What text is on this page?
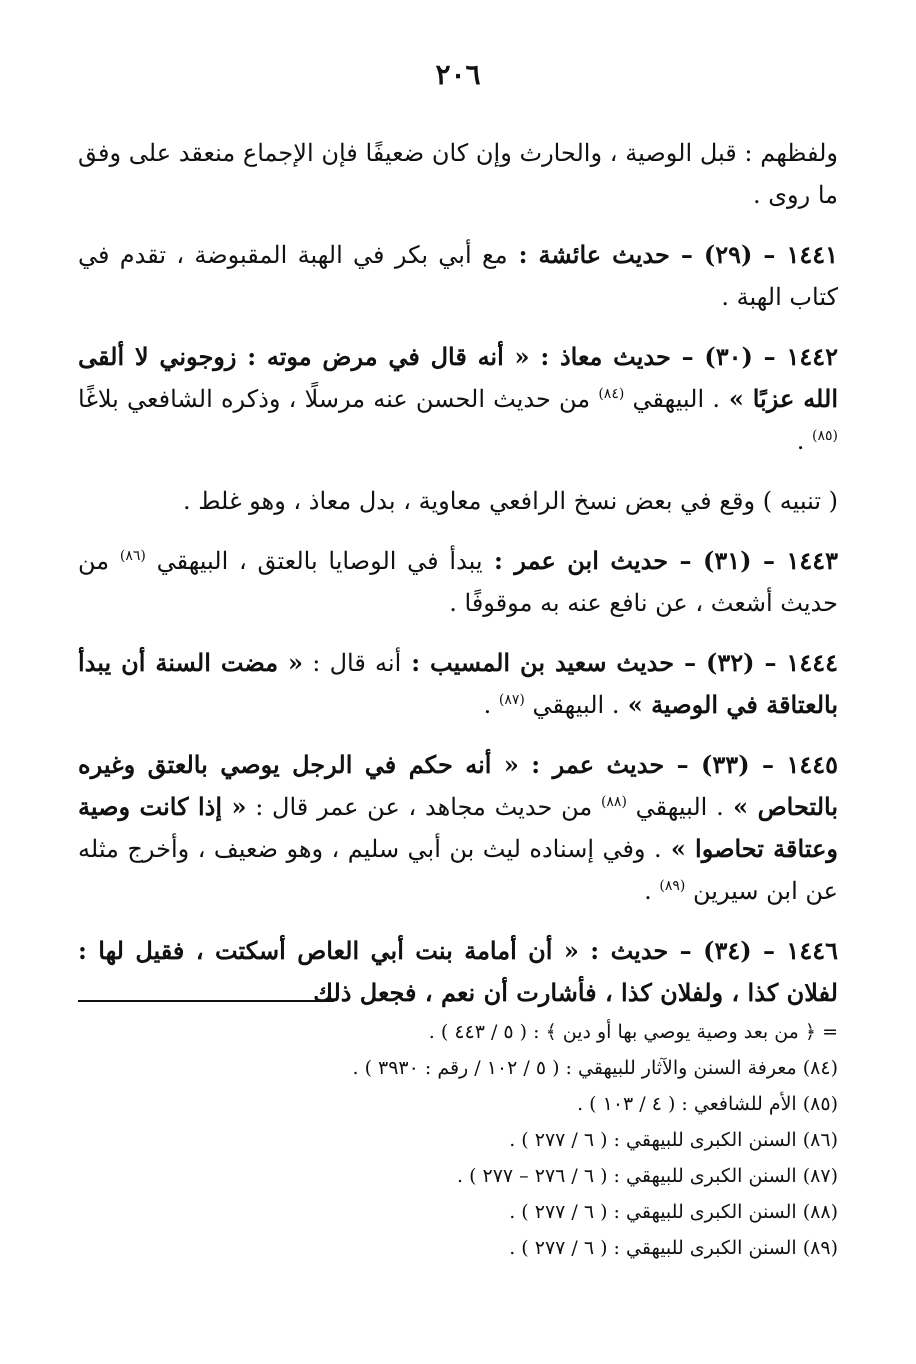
٢٠٦

ولفظهم : قبل الوصية ، والحارث وإن كان ضعيفًا فإن الإجماع منعقد على وفق ما روى .

١٤٤١ – (٢٩) – حديث عائشة : مع أبي بكر في الهبة المقبوضة ، تقدم في كتاب الهبة .

١٤٤٢ – (٣٠) – حديث معاذ : « أنه قال في مرض موته : زوجوني لا ألقى الله عزبًا » . البيهقي $^{(٨٤)}$ من حديث الحسن عنه مرسلًا ، وذكره الشافعي بلاغًا $^{(٨٥)}$ .

( تنبيه ) وقع في بعض نسخ الرافعي معاوية ، بدل معاذ ، وهو غلط .

١٤٤٣ – (٣١) – حديث ابن عمر : يبدأ في الوصايا بالعتق ، البيهقي $^{(٨٦)}$ من حديث أشعث ، عن نافع عنه به موقوفًا .

١٤٤٤ – (٣٢) – حديث سعيد بن المسيب : أنه قال : « مضت السنة أن يبدأ بالعتاقة في الوصية » . البيهقي $^{(٨٧)}$ .

١٤٤٥ – (٣٣) – حديث عمر : « أنه حكم في الرجل يوصي بالعتق وغيره بالتحاص » . البيهقي $^{(٨٨)}$ من حديث مجاهد ، عن عمر قال : « إذا كانت وصية وعتاقة تحاصوا » . وفي إسناده ليث بن أبي سليم ، وهو ضعيف ، وأخرج مثله عن ابن سيرين $^{(٨٩)}$ .

١٤٤٦ – (٣٤) – حديث : « أن أمامة بنت أبي العاص أسكتت ، فقيل لها : لفلان كذا ، ولفلان كذا ، فأشارت أن نعم ، فجعل ذلك

= ﴿ من بعد وصية يوصي بها أو دين ﴾ : ( ٥ / ٤٤٣ ) .

(٨٤) معرفة السنن والآثار للبيهقي : ( ٥ / ١٠٢ / رقم : ٣٩٣٠ ) .

(٨٥) الأم للشافعي : ( ٤ / ١٠٣ ) .

(٨٦) السنن الكبرى للبيهقي : ( ٦ / ٢٧٧ ) .

(٨٧) السنن الكبرى للبيهقي : ( ٦ / ٢٧٦ – ٢٧٧ ) .

(٨٨) السنن الكبرى للبيهقي : ( ٦ / ٢٧٧ ) .

(٨٩) السنن الكبرى للبيهقي : ( ٦ / ٢٧٧ ) .
